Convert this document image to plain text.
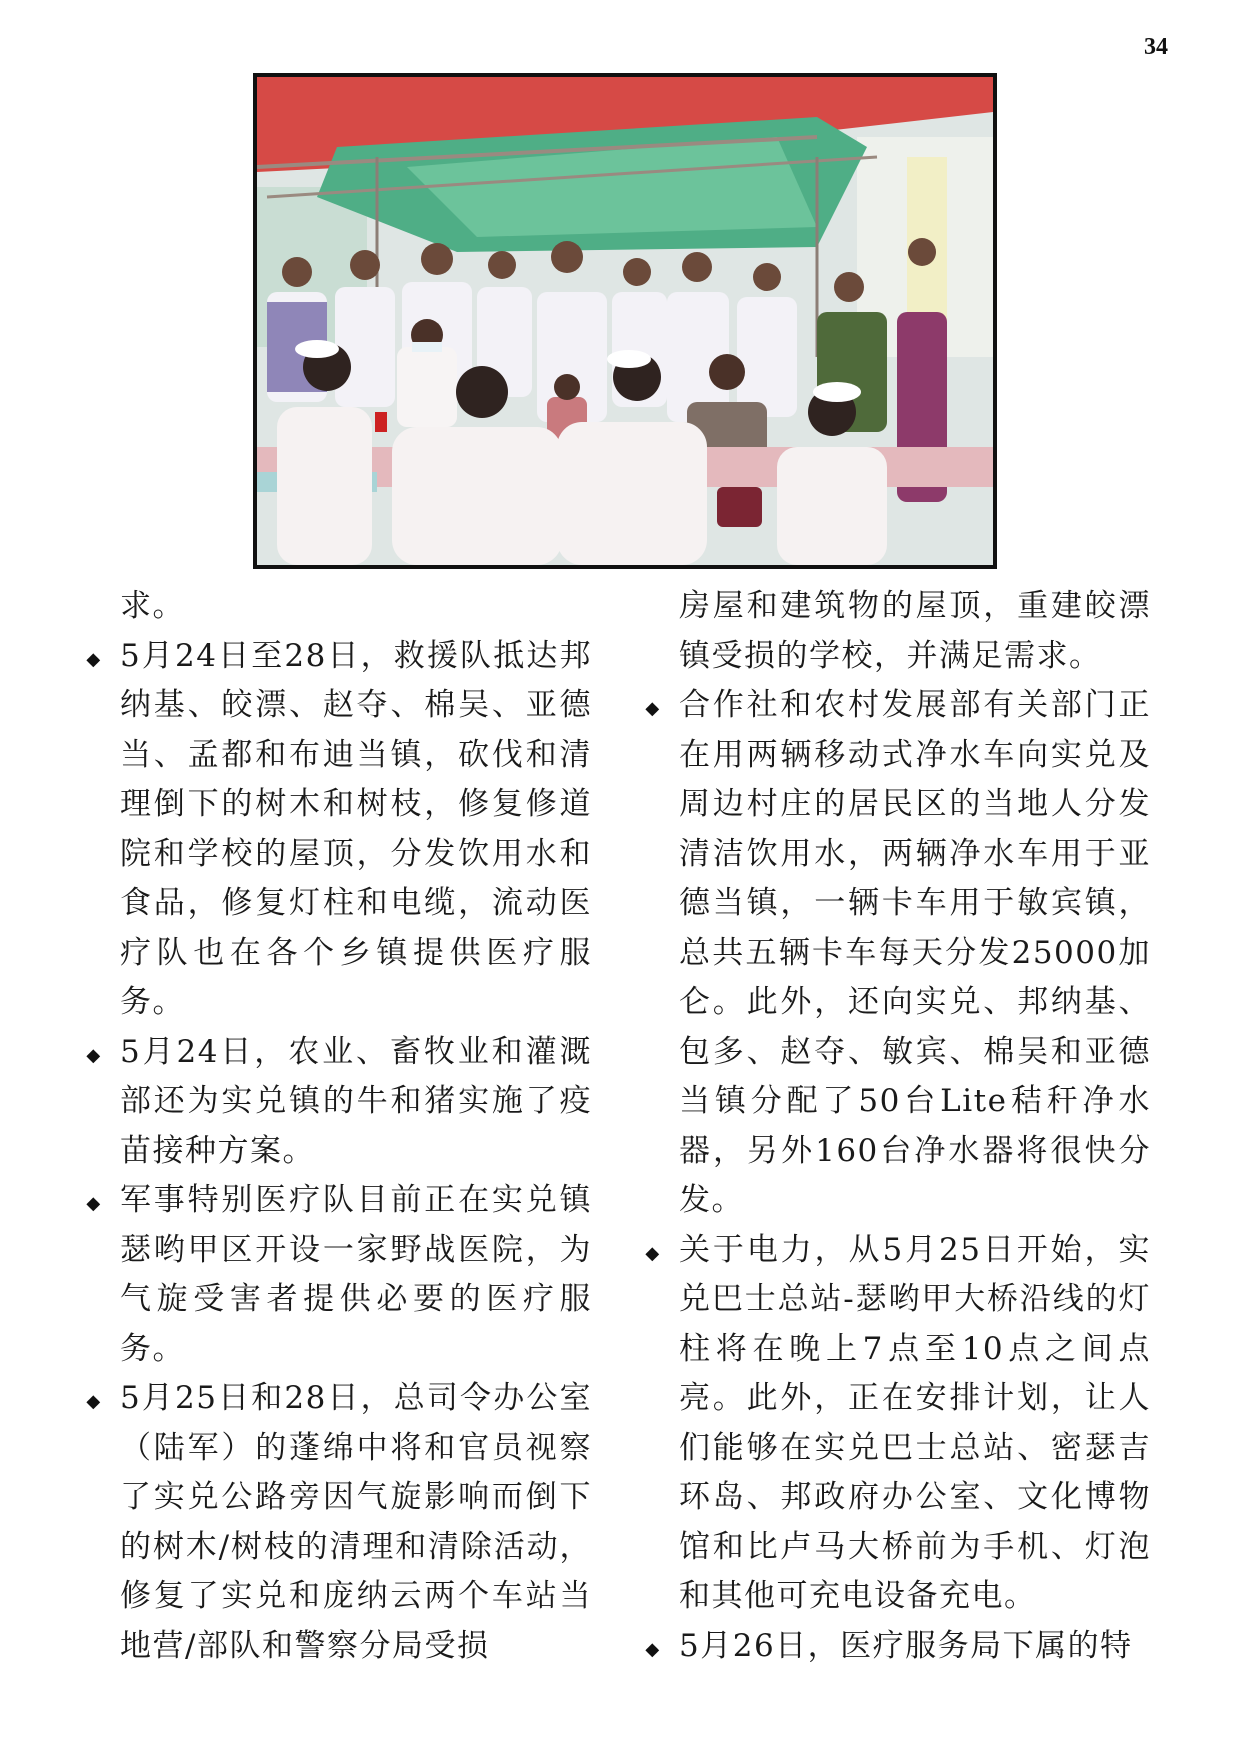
34

求。

◆ 5月24日至28日，救援队抵达邦纳基、皎漂、赵夺、棉吴、亚德当、孟都和布迪当镇，砍伐和清理倒下的树木和树枝，修复修道院和学校的屋顶，分发饮用水和食品，修复灯柱和电缆，流动医疗队也在各个乡镇提供医疗服务。

◆ 5月24日，农业、畜牧业和灌溉部还为实兑镇的牛和猪实施了疫苗接种方案。

◆ 军事特别医疗队目前正在实兑镇瑟哟甲区开设一家野战医院，为气旋受害者提供必要的医疗服务。

◆ 5月25日和28日，总司令办公室（陆军）的蓬绵中将和官员视察了实兑公路旁因气旋影响而倒下的树木/树枝的清理和清除活动，修复了实兑和庞纳云两个车站当地营/部队和警察分局受损

房屋和建筑物的屋顶，重建皎漂镇受损的学校，并满足需求。

◆ 合作社和农村发展部有关部门正在用两辆移动式净水车向实兑及周边村庄的居民区的当地人分发清洁饮用水，两辆净水车用于亚德当镇，一辆卡车用于敏宾镇，总共五辆卡车每天分发25000加仑。此外，还向实兑、邦纳基、包多、赵夺、敏宾、棉吴和亚德当镇分配了50台Lite秸秆净水器，另外160台净水器将很快分发。

◆ 关于电力，从5月25日开始，实兑巴士总站-瑟哟甲大桥沿线的灯柱将在晚上7点至10点之间点亮。此外，正在安排计划，让人们能够在实兑巴士总站、密瑟吉环岛、邦政府办公室、文化博物馆和比卢马大桥前为手机、灯泡和其他可充电设备充电。

◆ 5月26日，医疗服务局下属的特
